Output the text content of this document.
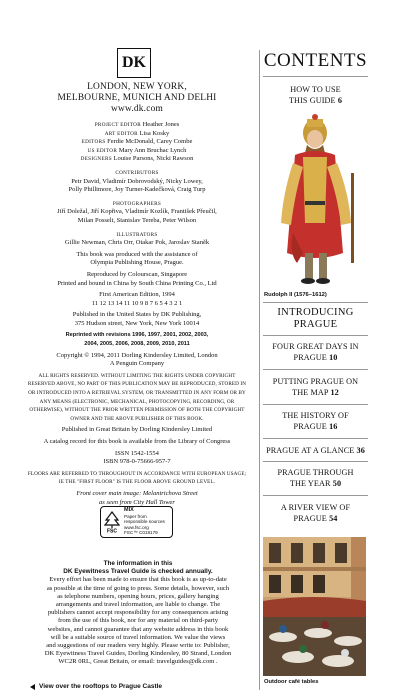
DK
LONDON, NEW YORK,
MELBOURNE, MUNICH AND DELHI
www.dk.com

PROJECT EDITOR Heather Jones

ART EDITOR Lisa Kosky

EDITORS Ferdie McDonald, Carey Combe

US EDITOR Mary Ann Bruchac Lynch

DESIGNERS Louise Parsons, Nicki Rawson

CONTRIBUTORS

Petr David, Vladimír Dobrovodský, Nicky Lowey,

Polly Phillimore, Joy Turner-Kadečková, Craig Turp

PHOTOGRAPHERS

Jiří Doležal, Jiří Kopřiva, Vladimír Kozlík, František Přeučil,

Milan Posselt, Stanislav Tereba, Peter Wilson

ILLUSTRATORS

Gillie Newman, Chris Orr, Otakar Pok, Jaroslav Staněk

This book was produced with the assistance of

Olympia Publishing House, Prague.

Reproduced by Colourscan, Singapore

Printed and bound in China by South China Printing Co., Ltd

First American Edition, 1994

11 12 13 14 11 10 9 8 7 6 5 4 3 2 1

Published in the United States by DK Publishing,

375 Hudson street, New York, New York 10014

Reprinted with revisions 1996, 1997, 2001, 2002, 2003,

2004, 2005, 2006, 2008, 2009, 2010, 2011

Copyright © 1994, 2011 Dorling Kindersley Limited, London

A Penguin Company

ALL RIGHTS RESERVED. WITHOUT LIMITING THE RIGHTS UNDER COPYRIGHT

RESERVED ABOVE, NO PART OF THIS PUBLICATION MAY BE REPRODUCED, STORED IN

OR INTRODUCED INTO A RETRIEVAL SYSTEM, OR TRANSMITTED IN ANY FORM OR BY

ANY MEANS (ELECTRONIC, MECHANICAL, PHOTOCOPYING, RECORDING, OR

OTHERWISE), WITHOUT THE PRIOR WRITTEN PERMISSION OF BOTH THE COPYRIGHT

OWNER AND THE ABOVE PUBLISHER OF THIS BOOK.

Published in Great Britain by Dorling Kindersley Limited

A catalog record for this book is available from the Library of Congress

ISSN 1542-1554

ISBN 978-0-75666-957-7

FLOORS ARE REFERRED TO THROUGHOUT IN ACCORDANCE WITH EUROPEAN USAGE;

IE THE "FIRST FLOOR" IS THE FLOOR ABOVE GROUND LEVEL.

Front cover main image: Melantrichova Street

as seen from City Hall Tower

FSC
MIX
Paper from
responsible sources
www.fsc.org
FSC™ C018179
The information in this
DK Eyewitness Travel Guide is checked annually.
Every effort has been made to ensure that this book is as up-to-date
as possible at the time of going to press. Some details, however, such
as telephone numbers, opening hours, prices, gallery hanging
arrangements and travel information, are liable to change. The
publishers cannot accept responsibility for any consequences arising
from the use of this book, nor for any material on third-party
websites, and cannot guarantee that any website address in this book
will be a suitable source of travel information. We value the views
and suggestions of our readers very highly. Please write to: Publisher,
DK Eyewitness Travel Guides, Dorling Kindersley, 80 Strand, London
WC2R 0RL, Great Britain, or email: travelguides@dk.com .
View over the rooftops to Prague Castle
CONTENTS
HOW TO USE
THIS GUIDE 6
Rudolph II (1576–1612)
INTRODUCING
PRAGUE
FOUR GREAT DAYS IN
PRAGUE 10
PUTTING PRAGUE ON
THE MAP 12
THE HISTORY OF
PRAGUE 16
PRAGUE AT A GLANCE 36
PRAGUE THROUGH
THE YEAR 50
A RIVER VIEW OF
PRAGUE 54
Outdoor café tables
